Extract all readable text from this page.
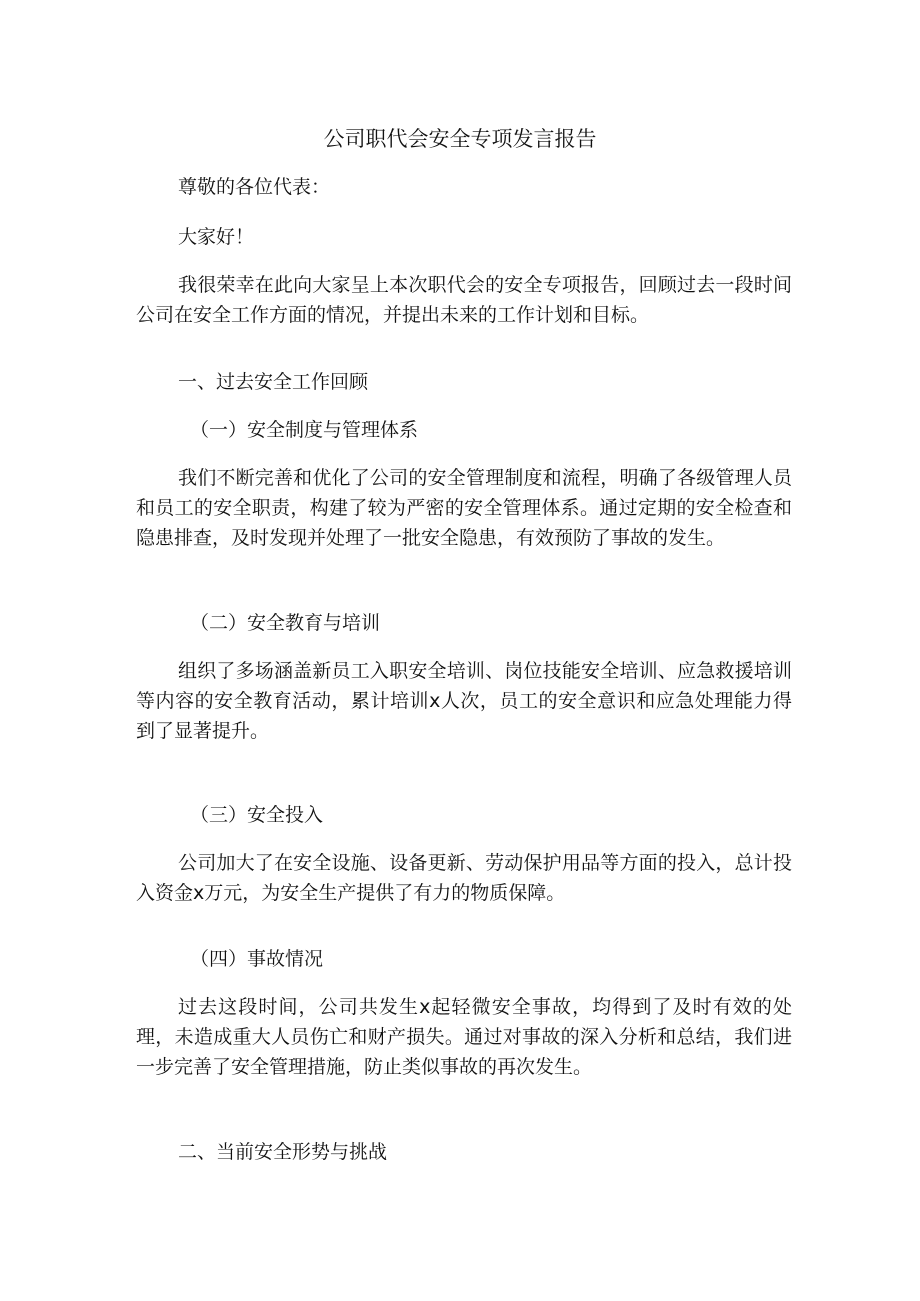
公司职代会安全专项发言报告

尊敬的各位代表：

大家好！

我很荣幸在此向大家呈上本次职代会的安全专项报告，回顾过去一段时间公司在安全工作方面的情况，并提出未来的工作计划和目标。

一、过去安全工作回顾

（一）安全制度与管理体系

我们不断完善和优化了公司的安全管理制度和流程，明确了各级管理人员和员工的安全职责，构建了较为严密的安全管理体系。通过定期的安全检查和隐患排查，及时发现并处理了一批安全隐患，有效预防了事故的发生。

（二）安全教育与培训

组织了多场涵盖新员工入职安全培训、岗位技能安全培训、应急救援培训等内容的安全教育活动，累计培训x人次，员工的安全意识和应急处理能力得到了显著提升。

（三）安全投入

公司加大了在安全设施、设备更新、劳动保护用品等方面的投入，总计投入资金x万元，为安全生产提供了有力的物质保障。

（四）事故情况

过去这段时间，公司共发生x起轻微安全事故，均得到了及时有效的处理，未造成重大人员伤亡和财产损失。通过对事故的深入分析和总结，我们进一步完善了安全管理措施，防止类似事故的再次发生。

二、当前安全形势与挑战
